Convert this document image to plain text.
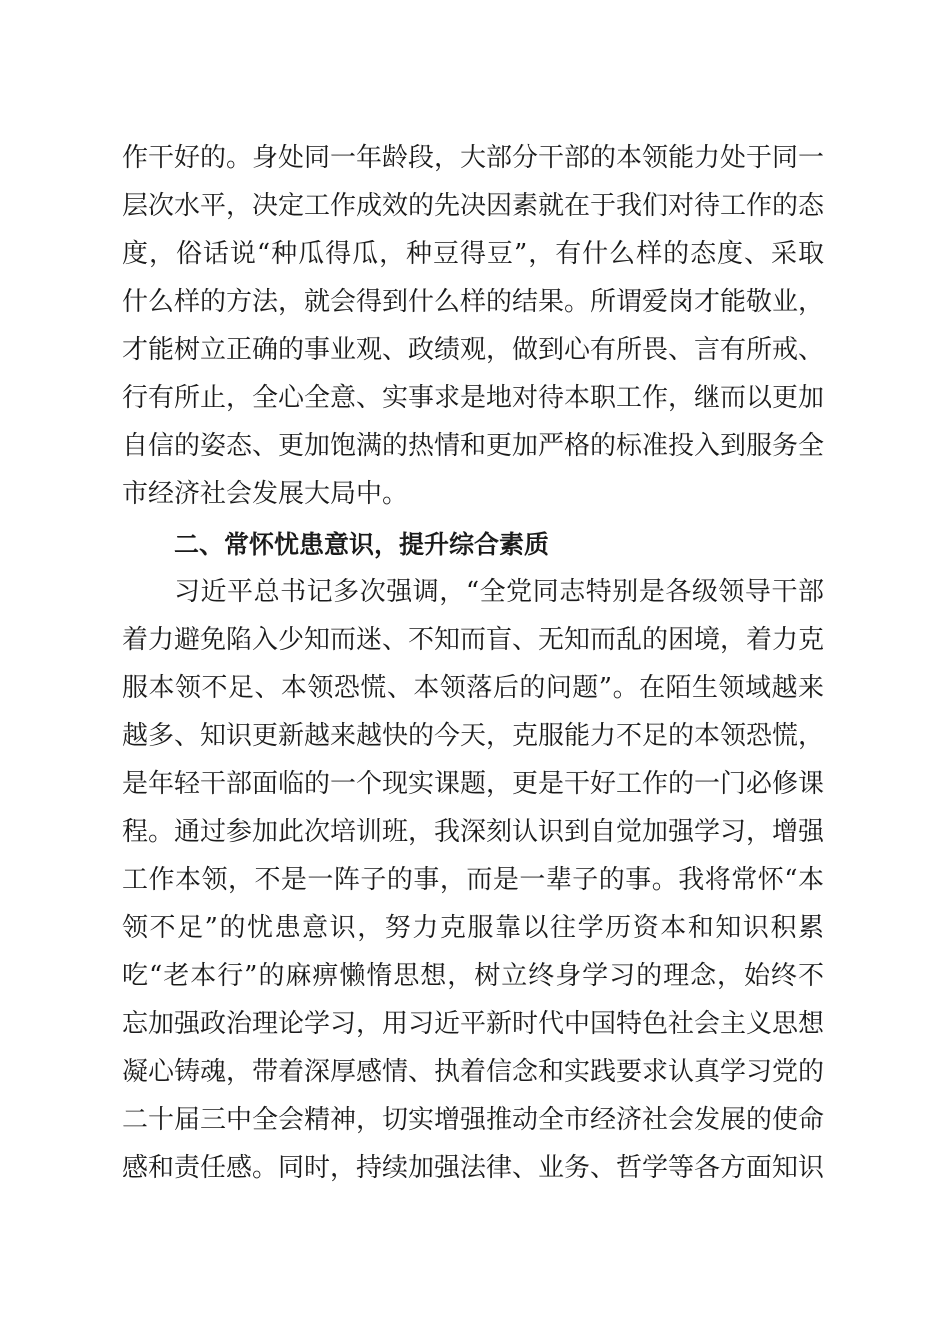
作干好的。身处同一年龄段，大部分干部的本领能力处于同一
层次水平，决定工作成效的先决因素就在于我们对待工作的态
度，俗话说“种瓜得瓜，种豆得豆”，有什么样的态度、采取
什么样的方法，就会得到什么样的结果。所谓爱岗才能敬业，
才能树立正确的事业观、政绩观，做到心有所畏、言有所戒、
行有所止，全心全意、实事求是地对待本职工作，继而以更加
自信的姿态、更加饱满的热情和更加严格的标准投入到服务全
市经济社会发展大局中。
二、常怀忧患意识，提升综合素质
习近平总书记多次强调，“全党同志特别是各级领导干部
着力避免陷入少知而迷、不知而盲、无知而乱的困境，着力克
服本领不足、本领恐慌、本领落后的问题”。在陌生领域越来
越多、知识更新越来越快的今天，克服能力不足的本领恐慌，
是年轻干部面临的一个现实课题，更是干好工作的一门必修课
程。通过参加此次培训班，我深刻认识到自觉加强学习，增强
工作本领，不是一阵子的事，而是一辈子的事。我将常怀“本
领不足”的忧患意识，努力克服靠以往学历资本和知识积累
吃“老本行”的麻痹懒惰思想，树立终身学习的理念，始终不
忘加强政治理论学习，用习近平新时代中国特色社会主义思想
凝心铸魂，带着深厚感情、执着信念和实践要求认真学习党的
二十届三中全会精神，切实增强推动全市经济社会发展的使命
感和责任感。同时，持续加强法律、业务、哲学等各方面知识
